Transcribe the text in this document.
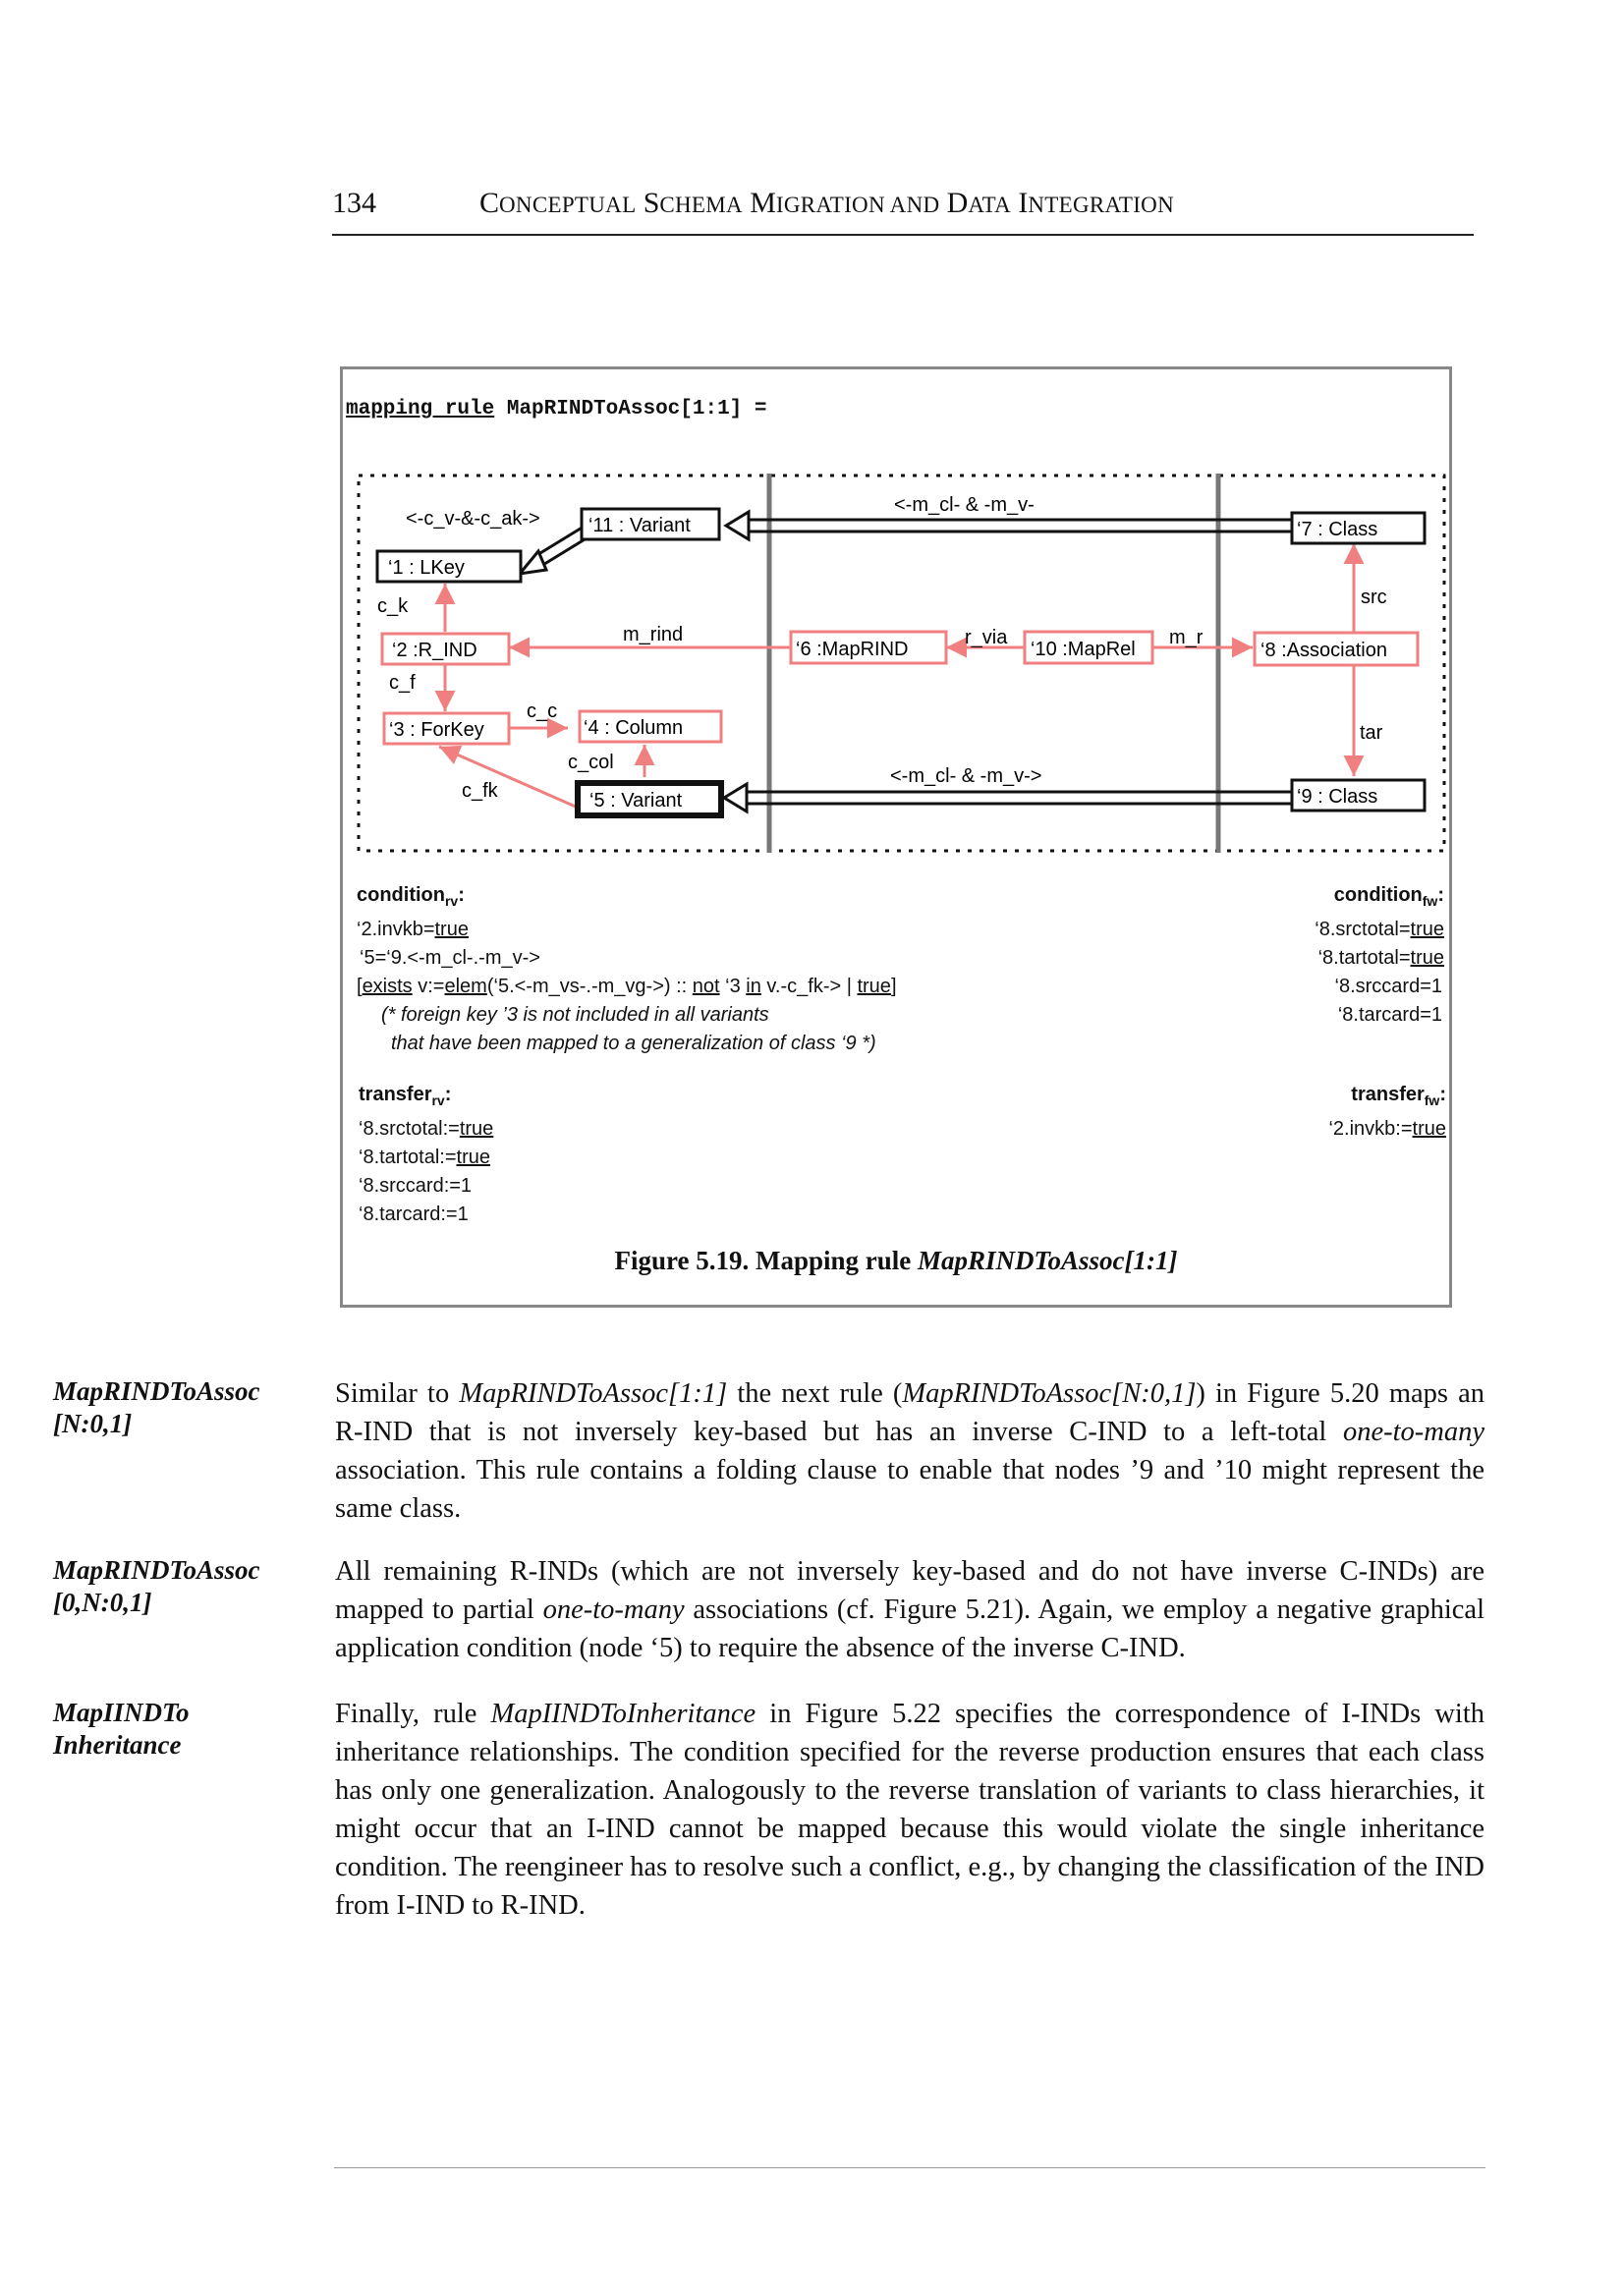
134	CONCEPTUAL SCHEMA MIGRATION AND DATA INTEGRATION
mapping rule MapRINDToAssoc[1:1] =
‘11 : Variant
‘1 : LKey
‘5 : Variant
‘7 : Class
‘9 : Class
‘2 :R_IND
‘3 : ForKey	‘4 : Column
‘6 :MapRIND	‘10 :MapRel	‘8 :Association
<-c_v-&-c_ak->
c_k
c_f
c_c
c_col
c_fk
m_rind	r_via	m_r
src
tar
<-m_cl- & -m_v-
<-m_cl- & -m_v->
condition$_{rv}$:
‘2.invkb=true
‘5=‘9.<-m_cl-.-m_v->
[exists v:=elem(‘5.<-m_vs-.-m_vg->) :: not ‘3 in v.-c_fk-> | true]
(* foreign key ’3 is not included in all variants
that have been mapped to a generalization of class ‘9 *)
condition$_{fw}$:
‘8.srctotal=true
‘8.tartotal=true
‘8.srccard=1
‘8.tarcard=1
transfer$_{rv}$:
‘8.srctotal:=true
‘8.tartotal:=true
‘8.srccard:=1
‘8.tarcard:=1
transfer$_{fw}$:
‘2.invkb:=true
Figure 5.19. Mapping rule MapRINDToAssoc[1:1]
MapRINDToAssoc
[N:0,1]
Similar to MapRINDToAssoc[1:1] the next rule (MapRINDToAssoc[N:0,1]) in Figure 5.20 maps an R-IND that is not inversely key-based but has an inverse C-IND to a left-total one-to-many association. This rule contains a folding clause to enable that nodes ’9 and ’10 might represent the same class.
MapRINDToAssoc
[0,N:0,1]
All remaining R-INDs (which are not inversely key-based and do not have inverse C-INDs) are mapped to partial one-to-many associations (cf. Figure 5.21). Again, we employ a negative graphical application condition (node ‘5) to require the absence of the inverse C-IND.
MapIINDTo
Inheritance
Finally, rule MapIINDToInheritance in Figure 5.22 specifies the correspondence of I-INDs with inheritance relationships. The condition specified for the reverse production ensures that each class has only one generalization. Analogously to the reverse translation of variants to class hierarchies, it might occur that an I-IND cannot be mapped because this would violate the single inheritance condition. The reengineer has to resolve such a conflict, e.g., by changing the classification of the IND from I-IND to R-IND.
